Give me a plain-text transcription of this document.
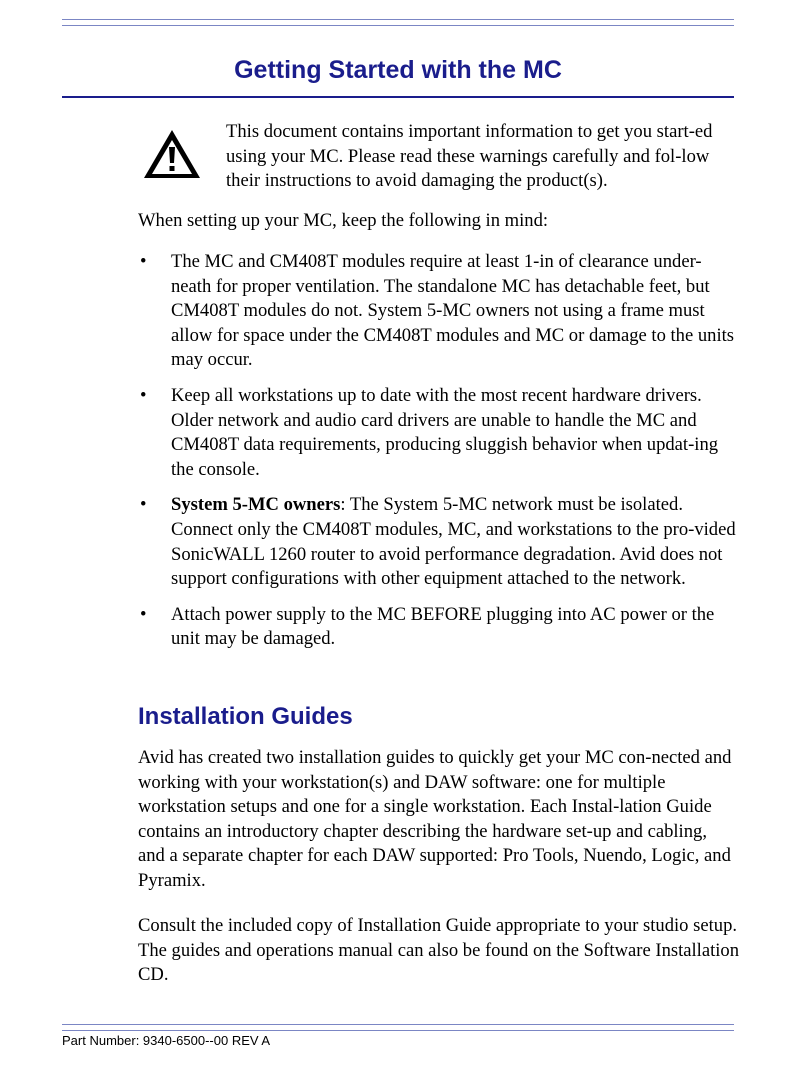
Getting Started with the MC

This document contains important information to get you start-ed using your MC. Please read these warnings carefully and fol-low their instructions to avoid damaging the product(s).

When setting up your MC, keep the following in mind:

• The MC and CM408T modules require at least 1-in of clearance under-neath for proper ventilation. The standalone MC has detachable feet, but CM408T modules do not. System 5-MC owners not using a frame must allow for space under the CM408T modules and MC or damage to the units may occur.
• Keep all workstations up to date with the most recent hardware drivers. Older network and audio card drivers are unable to handle the MC and CM408T data requirements, producing sluggish behavior when updat-ing the console.
• System 5-MC owners: The System 5-MC network must be isolated. Connect only the CM408T modules, MC, and workstations to the pro-vided SonicWALL 1260 router to avoid performance degradation. Avid does not support configurations with other equipment attached to the network.
• Attach power supply to the MC BEFORE plugging into AC power or the unit may be damaged.
Installation Guides

Avid has created two installation guides to quickly get your MC con-nected and working with your workstation(s) and DAW software: one for multiple workstation setups and one for a single workstation. Each Instal-lation Guide contains an introductory chapter describing the hardware set-up and cabling, and a separate chapter for each DAW supported: Pro Tools, Nuendo, Logic, and Pyramix.

Consult the included copy of Installation Guide appropriate to your studio setup. The guides and operations manual can also be found on the Software Installation CD.

Part Number: 9340-6500--00 REV A
